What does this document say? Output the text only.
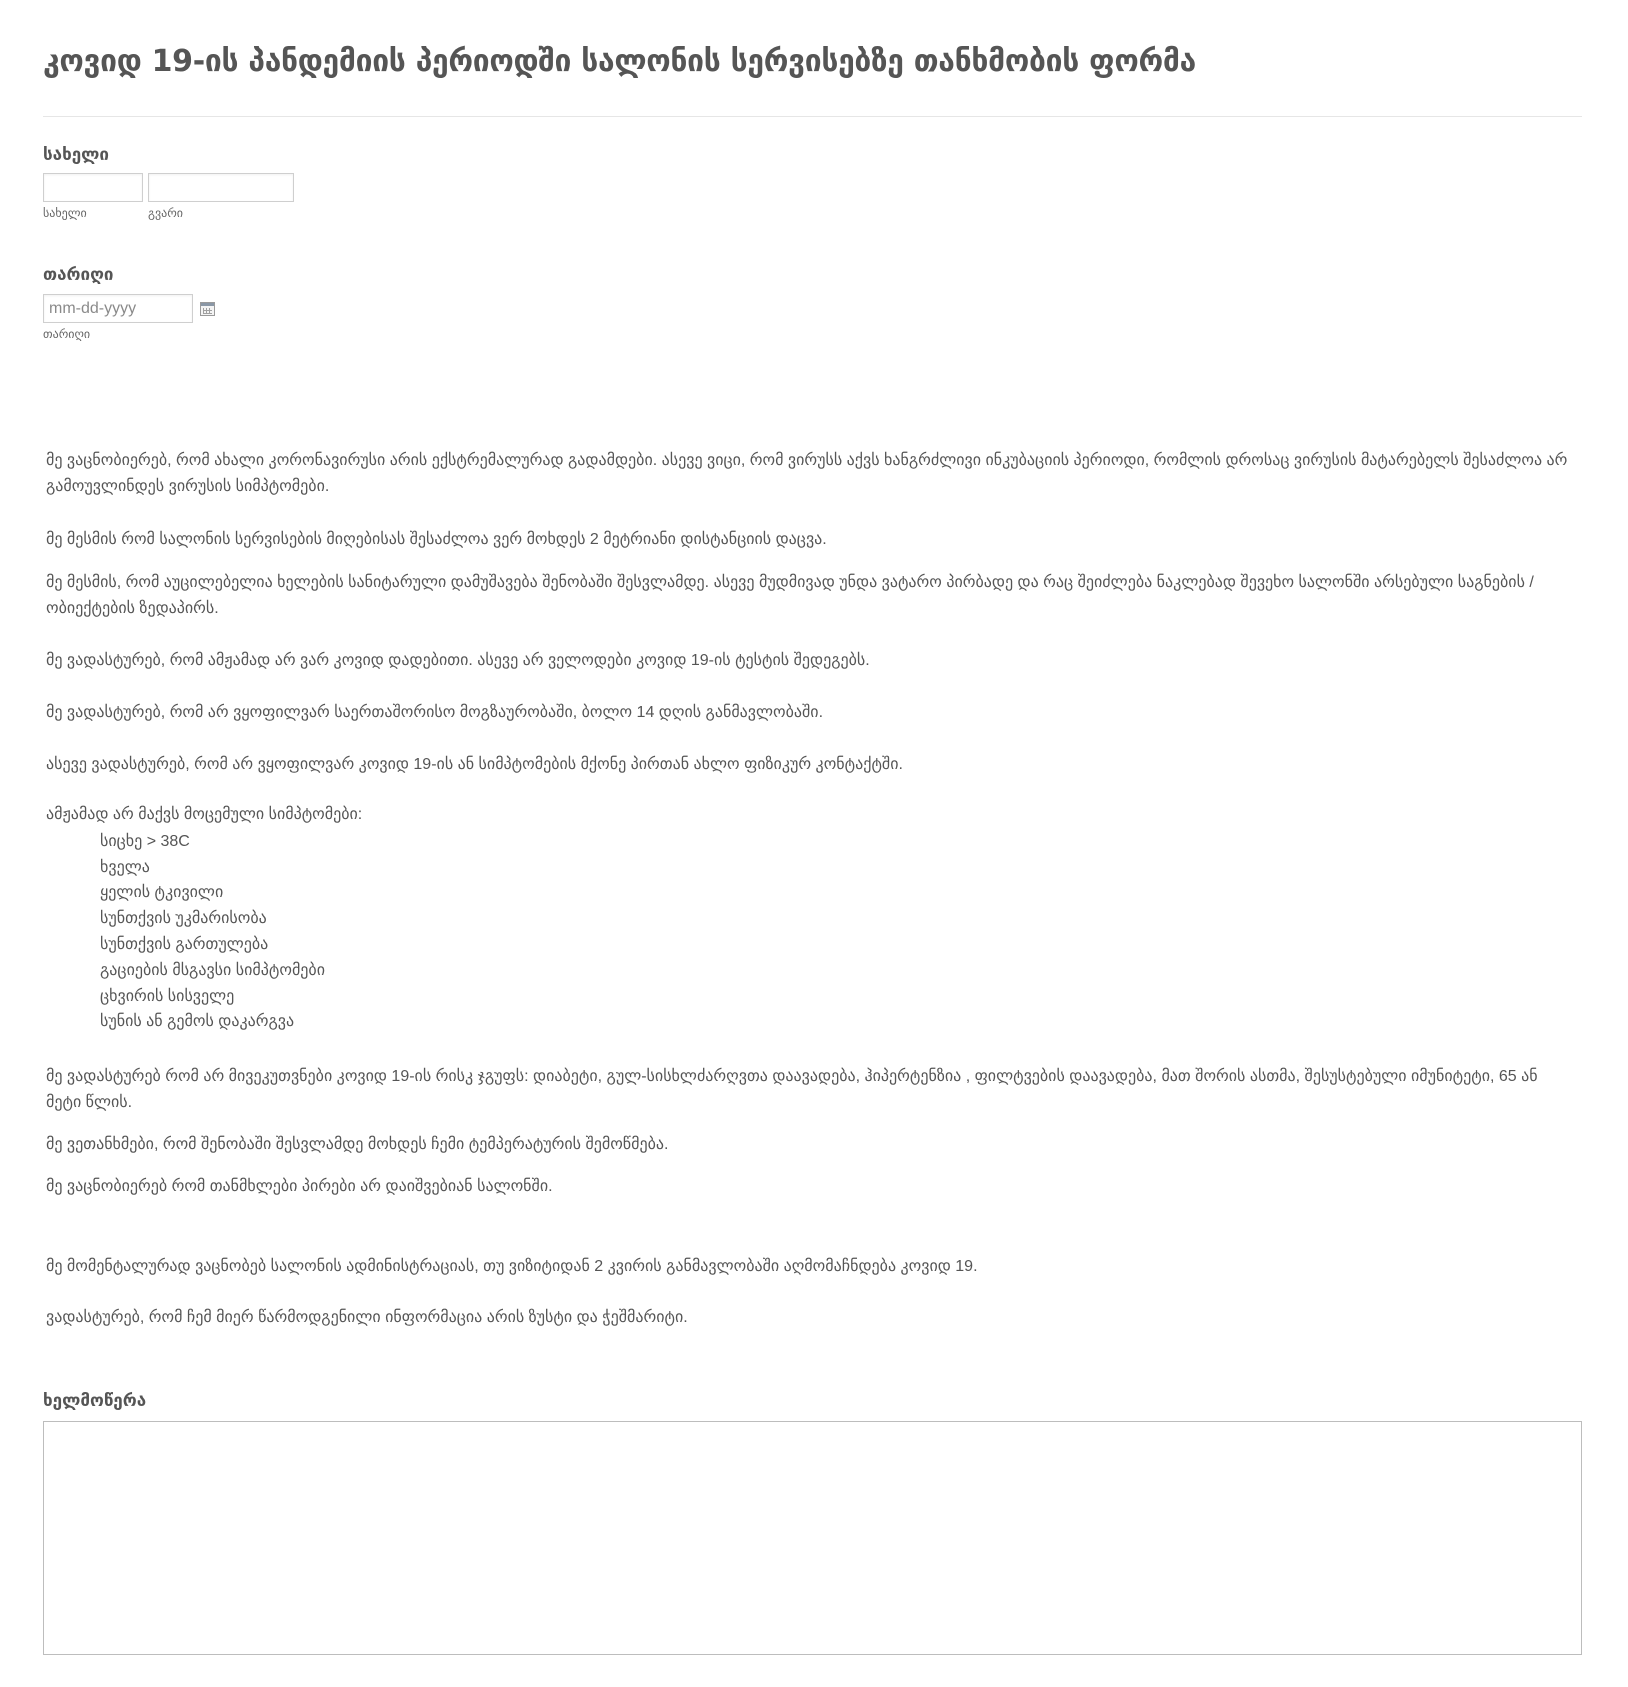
კოვიდ 19-ის პანდემიის პერიოდში სალონის სერვისებზე თანხმობის ფორმა
სახელი
სახელი	გვარი
თარიღი
mm-dd-yyyy
თარიღი

მე ვაცნობიერებ, რომ ახალი კორონავირუსი არის ექსტრემალურად გადამდები. ასევე ვიცი, რომ ვირუსს აქვს ხანგრძლივი ინკუბაციის პერიოდი, რომლის დროსაც ვირუსის მატარებელს შესაძლოა არ გამოუვლინდეს ვირუსის სიმპტომები.

მე მესმის რომ სალონის სერვისების მიღებისას შესაძლოა ვერ მოხდეს 2 მეტრიანი დისტანციის დაცვა.

მე მესმის, რომ აუცილებელია ხელების სანიტარული დამუშავება შენობაში შესვლამდე. ასევე მუდმივად უნდა ვატარო პირბადე და რაც შეიძლება ნაკლებად შევეხო სალონში არსებული საგნების / ობიექტების ზედაპირს.

მე ვადასტურებ, რომ ამჟამად არ ვარ კოვიდ დადებითი. ასევე არ ველოდები კოვიდ 19-ის ტესტის შედეგებს.

მე ვადასტურებ, რომ არ ვყოფილვარ საერთაშორისო მოგზაურობაში, ბოლო 14 დღის განმავლობაში.

ასევე ვადასტურებ, რომ არ ვყოფილვარ კოვიდ 19-ის ან სიმპტომების მქონე პირთან ახლო ფიზიკურ კონტაქტში.

ამჟამად არ მაქვს მოცემული სიმპტომები:

სიცხე > 38C

ხველა

ყელის ტკივილი

სუნთქვის უკმარისობა

სუნთქვის გართულება

გაციების მსგავსი სიმპტომები

ცხვირის სისველე

სუნის ან გემოს დაკარგვა

მე ვადასტურებ რომ არ მივეკუთვნები კოვიდ 19-ის რისკ ჯგუფს: დიაბეტი, გულ-სისხლძარღვთა დაავადება, ჰიპერტენზია , ფილტვების დაავადება, მათ შორის ასთმა, შესუსტებული იმუნიტეტი, 65 ან მეტი წლის.

მე ვეთანხმები, რომ შენობაში შესვლამდე მოხდეს ჩემი ტემპერატურის შემოწმება.

მე ვაცნობიერებ რომ თანმხლები პირები არ დაიშვებიან სალონში.

მე მომენტალურად ვაცნობებ სალონის ადმინისტრაციას, თუ ვიზიტიდან 2 კვირის განმავლობაში აღმომაჩნდება კოვიდ 19.

ვადასტურებ, რომ ჩემ მიერ წარმოდგენილი ინფორმაცია არის ზუსტი და ჭეშმარიტი.

ხელმოწერა
